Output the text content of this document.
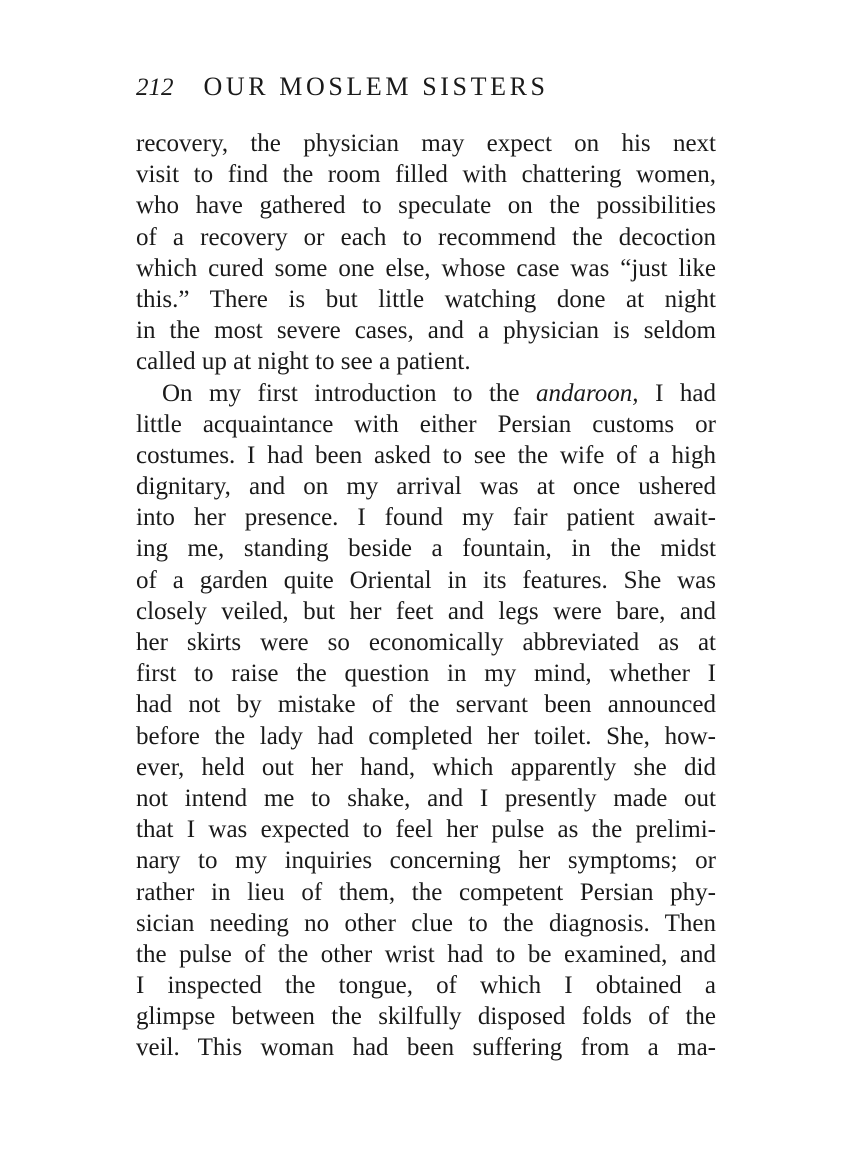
212 OUR MOSLEM SISTERS
recovery, the physician may expect on his next
visit to find the room filled with chattering women,
who have gathered to speculate on the possibilities
of a recovery or each to recommend the decoction
which cured some one else, whose case was “just like
this.” There is but little watching done at night
in the most severe cases, and a physician is seldom
called up at night to see a patient.
On my first introduction to the andaroon, I had
little acquaintance with either Persian customs or
costumes. I had been asked to see the wife of a high
dignitary, and on my arrival was at once ushered
into her presence. I found my fair patient await-
ing me, standing beside a fountain, in the midst
of a garden quite Oriental in its features. She was
closely veiled, but her feet and legs were bare, and
her skirts were so economically abbreviated as at
first to raise the question in my mind, whether I
had not by mistake of the servant been announced
before the lady had completed her toilet. She, how-
ever, held out her hand, which apparently she did
not intend me to shake, and I presently made out
that I was expected to feel her pulse as the prelimi-
nary to my inquiries concerning her symptoms; or
rather in lieu of them, the competent Persian phy-
sician needing no other clue to the diagnosis. Then
the pulse of the other wrist had to be examined, and
I inspected the tongue, of which I obtained a
glimpse between the skilfully disposed folds of the
veil. This woman had been suffering from a ma-
